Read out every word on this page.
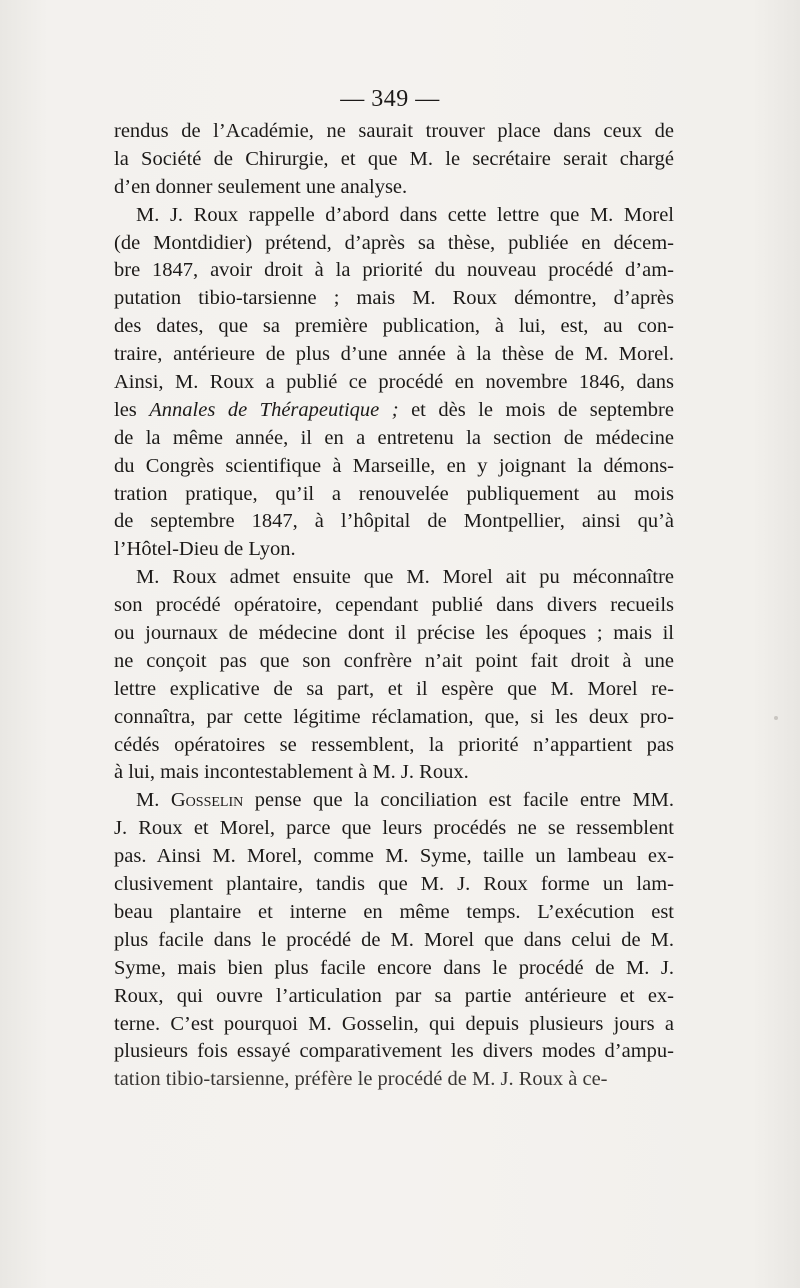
— 349 —
rendus de l’Académie, ne saurait trouver place dans ceux de
la Société de Chirurgie, et que M. le secrétaire serait chargé
d’en donner seulement une analyse.
M. J. Roux rappelle d’abord dans cette lettre que M. Morel
(de Montdidier) prétend, d’après sa thèse, publiée en décem-
bre 1847, avoir droit à la priorité du nouveau procédé d’am-
putation tibio-tarsienne ; mais M. Roux démontre, d’après
des dates, que sa première publication, à lui, est, au con-
traire, antérieure de plus d’une année à la thèse de M. Morel.
Ainsi, M. Roux a publié ce procédé en novembre 1846, dans
les Annales de Thérapeutique ; et dès le mois de septembre
de la même année, il en a entretenu la section de médecine
du Congrès scientifique à Marseille, en y joignant la démons-
tration pratique, qu’il a renouvelée publiquement au mois
de septembre 1847, à l’hôpital de Montpellier, ainsi qu’à
l’Hôtel-Dieu de Lyon.
M. Roux admet ensuite que M. Morel ait pu méconnaître
son procédé opératoire, cependant publié dans divers recueils
ou journaux de médecine dont il précise les époques ; mais il
ne conçoit pas que son confrère n’ait point fait droit à une
lettre explicative de sa part, et il espère que M. Morel re-
connaîtra, par cette légitime réclamation, que, si les deux pro-
cédés opératoires se ressemblent, la priorité n’appartient pas
à lui, mais incontestablement à M. J. Roux.
M. Gosselin pense que la conciliation est facile entre MM.
J. Roux et Morel, parce que leurs procédés ne se ressemblent
pas. Ainsi M. Morel, comme M. Syme, taille un lambeau ex-
clusivement plantaire, tandis que M. J. Roux forme un lam-
beau plantaire et interne en même temps. L’exécution est
plus facile dans le procédé de M. Morel que dans celui de M.
Syme, mais bien plus facile encore dans le procédé de M. J.
Roux, qui ouvre l’articulation par sa partie antérieure et ex-
terne. C’est pourquoi M. Gosselin, qui depuis plusieurs jours a
plusieurs fois essayé comparativement les divers modes d’ampu-
tation tibio-tarsienne, préfère le procédé de M. J. Roux à ce-
